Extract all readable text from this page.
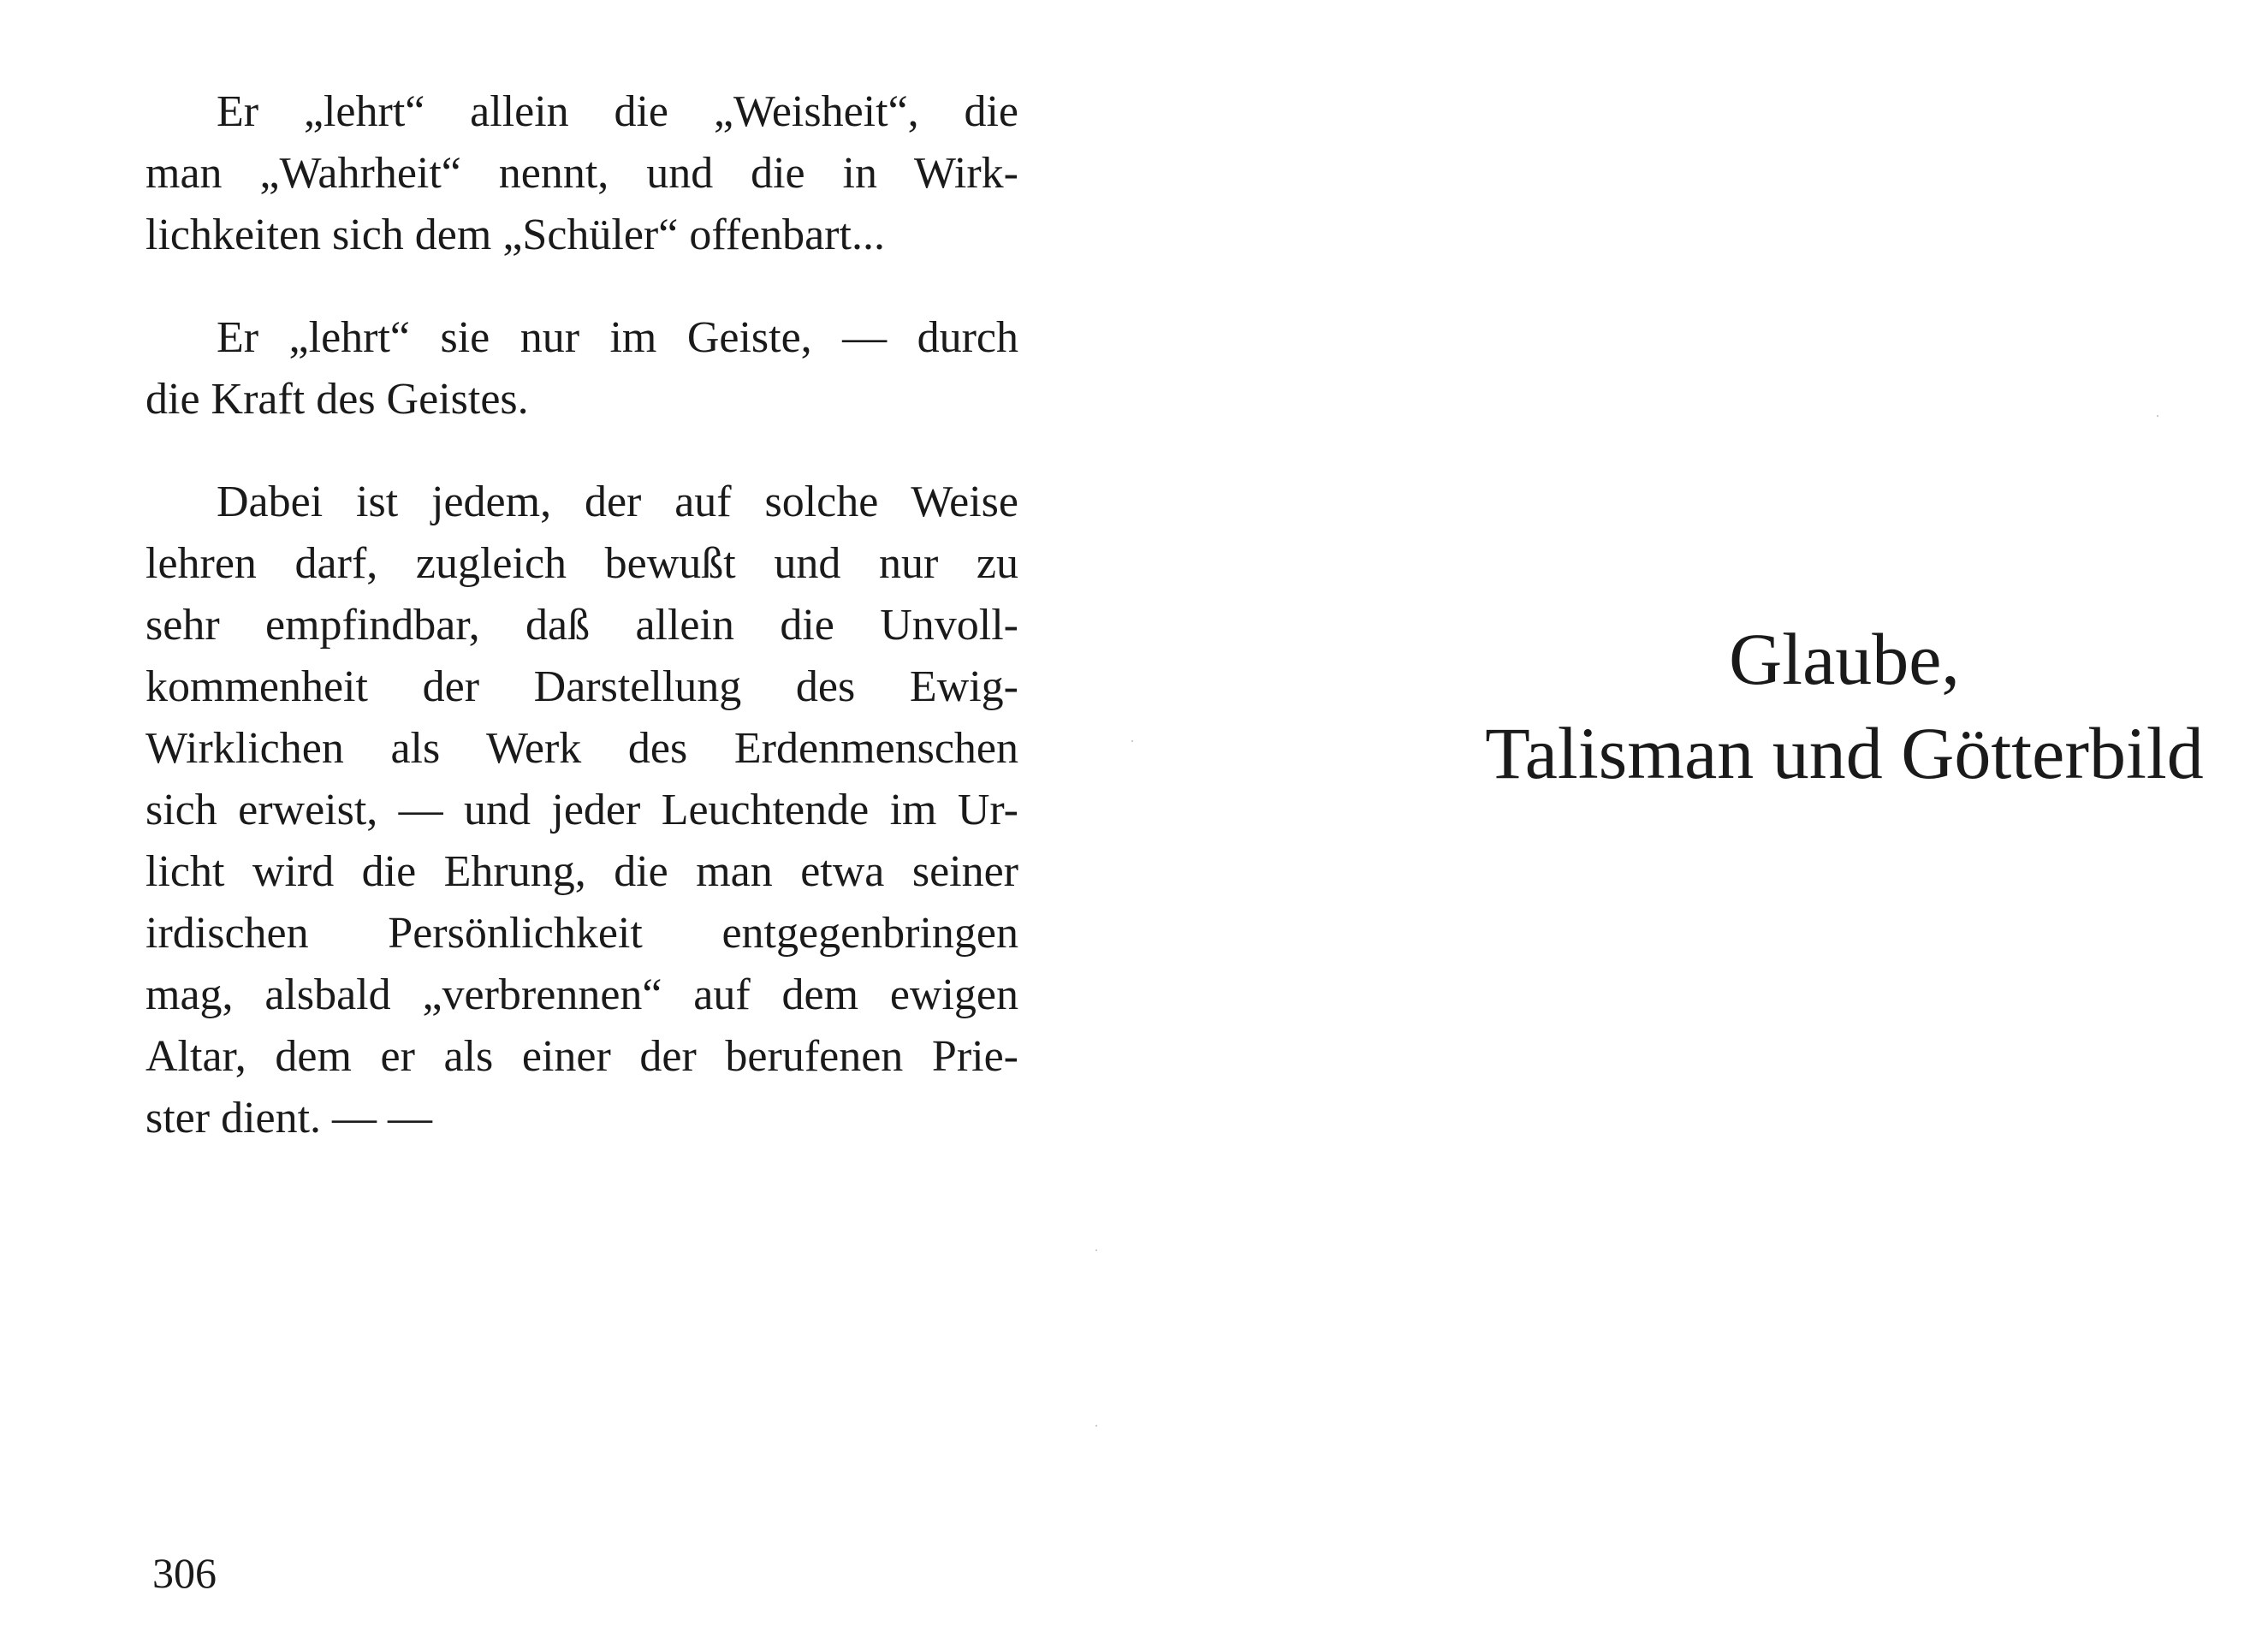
Er „lehrt“ allein die „Weisheit“, die
man „Wahrheit“ nennt, und die in Wirk-
lichkeiten sich dem „Schüler“ offenbart...

Er „lehrt“ sie nur im Geiste, — durch
die Kraft des Geistes.

Dabei ist jedem, der auf solche Weise
lehren darf, zugleich bewußt und nur zu
sehr empfindbar, daß allein die Unvoll-
kommenheit der Darstellung des Ewig-
Wirklichen als Werk des Erdenmenschen
sich erweist, — und jeder Leuchtende im Ur-
licht wird die Ehrung, die man etwa seiner
irdischen Persönlichkeit entgegenbringen
mag, alsbald „verbrennen“ auf dem ewigen
Altar, dem er als einer der berufenen Prie-
ster dient. — —

306
Glaube,
Talisman und Götterbild
